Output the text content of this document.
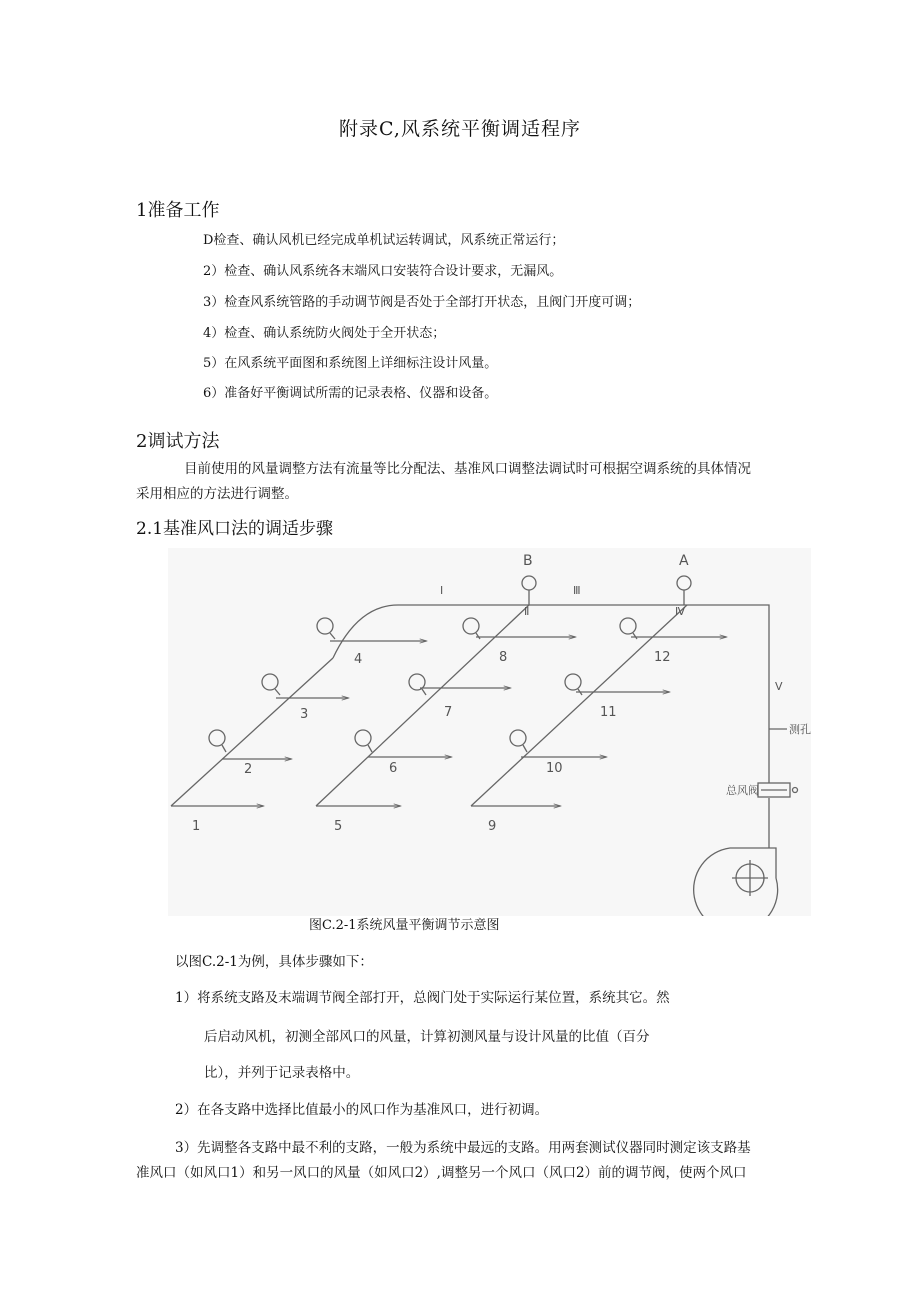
附录C,风系统平衡调适程序
1准备工作
D检查、确认风机已经完成单机试运转调试，风系统正常运行；
2）检查、确认风系统各末端风口安装符合设计要求，无漏风。
3）检查风系统管路的手动调节阀是否处于全部打开状态，且阀门开度可调；
4）检查、确认系统防火阀处于全开状态；
5）在风系统平面图和系统图上详细标注设计风量。
6）准备好平衡调试所需的记录表格、仪器和设备。
2调试方法
目前使用的风量调整方法有流量等比分配法、基准风口调整法调试时可根据空调系统的具体情况
采用相应的方法进行调整。
2.1基准风口法的调适步骤
B	A
I	Ⅲ
Ⅱ	Ⅳ
Ⅴ
测孔
总风阀
1
2
3
4
5
6
7
8
9
10
11
12
图C.2-1系统风量平衡调节示意图
以图C.2-1为例，具体步骤如下：
1）将系统支路及末端调节阀全部打开，总阀门处于实际运行某位置，系统其它。然
后启动风机，初测全部风口的风量，计算初测风量与设计风量的比值（百分
比），并列于记录表格中。
2）在各支路中选择比值最小的风口作为基准风口，进行初调。
3）先调整各支路中最不利的支路，一般为系统中最远的支路。用两套测试仪器同时测定该支路基
准风口（如风口1）和另一风口的风量（如风口2）,调整另一个风口（风口2）前的调节阀，使两个风口
